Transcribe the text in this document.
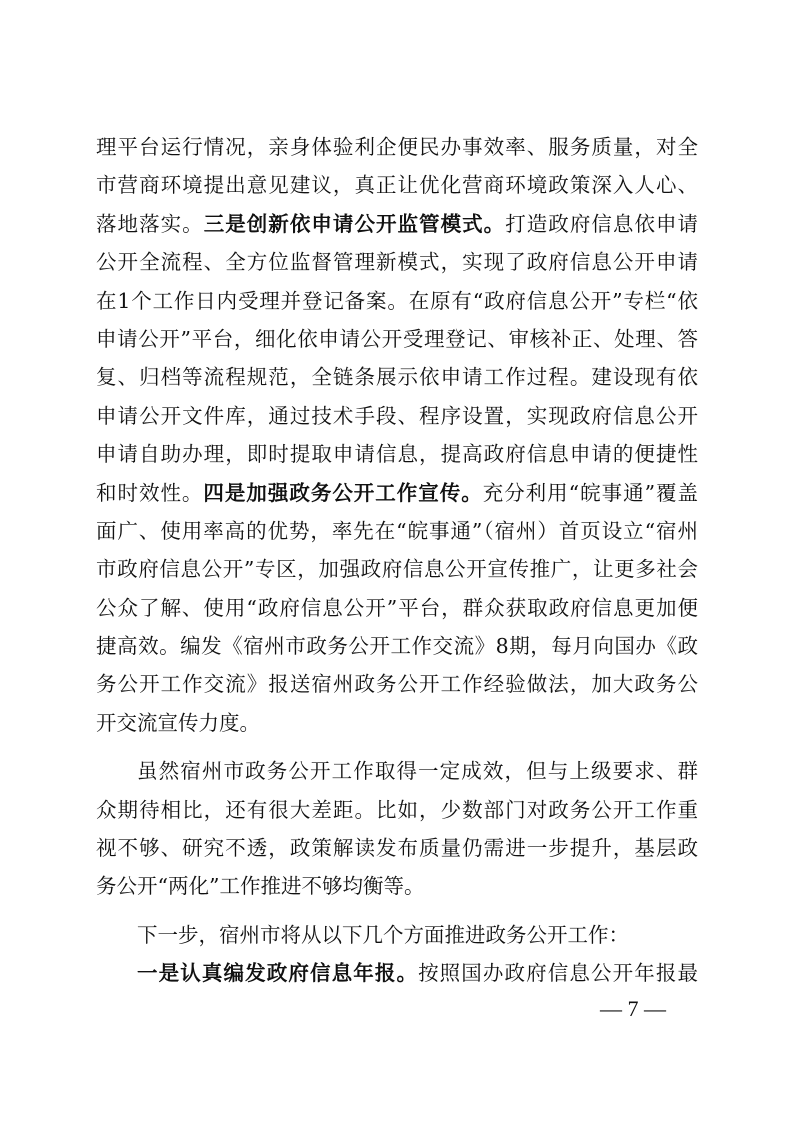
理平台运行情况，亲身体验利企便民办事效率、服务质量，对全
市营商环境提出意见建议，真正让优化营商环境政策深入人心、
落地落实。三是创新依申请公开监管模式。打造政府信息依申请
公开全流程、全方位监督管理新模式，实现了政府信息公开申请
在1个工作日内受理并登记备案。在原有“政府信息公开”专栏“依
申请公开”平台，细化依申请公开受理登记、审核补正、处理、答
复、归档等流程规范，全链条展示依申请工作过程。建设现有依
申请公开文件库，通过技术手段、程序设置，实现政府信息公开
申请自助办理，即时提取申请信息，提高政府信息申请的便捷性
和时效性。四是加强政务公开工作宣传。充分利用“皖事通”覆盖
面广、使用率高的优势，率先在“皖事通”（宿州）首页设立“宿州
市政府信息公开”专区，加强政府信息公开宣传推广，让更多社会
公众了解、使用“政府信息公开”平台，群众获取政府信息更加便
捷高效。编发《宿州市政务公开工作交流》8期，每月向国办《政
务公开工作交流》报送宿州政务公开工作经验做法，加大政务公
开交流宣传力度。
虽然宿州市政务公开工作取得一定成效，但与上级要求、群
众期待相比，还有很大差距。比如，少数部门对政务公开工作重
视不够、研究不透，政策解读发布质量仍需进一步提升，基层政
务公开“两化”工作推进不够均衡等。
下一步，宿州市将从以下几个方面推进政务公开工作：
一是认真编发政府信息年报。按照国办政府信息公开年报最
— 7 —
